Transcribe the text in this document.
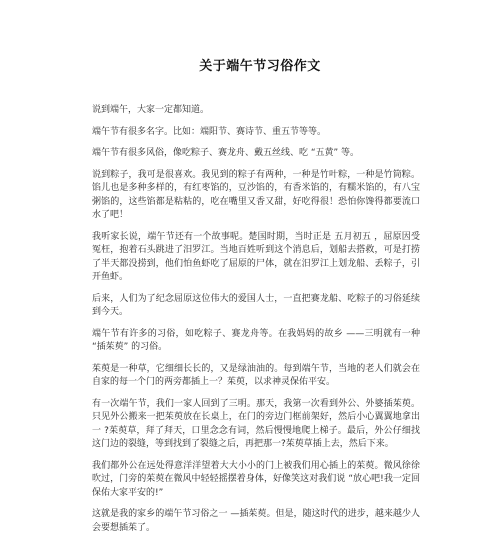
关于端午节习俗作文

说到端午，大家一定都知道。

端午节有很多名字。比如：端阳节、赛诗节、重五节等等。

端午节有很多风俗，像吃粽子、赛龙舟、戴五丝线、吃 “五黄” 等。

说到粽子，我可是很喜欢。我见到的粽子有两种，一种是竹叶粽，一种是竹筒粽。馅儿也是多种多样的，有红枣馅的，豆沙馅的，有香米馅的，有糯米馅的，有八宝粥馅的，这些馅都是粘粘的，吃在嘴里又香又甜，好吃得很！恐怕你馋得都要流口水了吧！

我听家长说，端午节还有一个故事呢。楚国时期，当时正是 五月初五 ，屈原因受冤枉，抱着石头跳进了汨罗江。当地百姓听到这个消息后，划船去搭救，可是打捞了半天都没捞到，他们怕鱼虾吃了屈原的尸体，就在汨罗江上划龙船、丢粽子，引开鱼虾。

后来，人们为了纪念屈原这位伟大的爱国人士，一直把赛龙船、吃粽子的习俗延续到今天。

端午节有许多的习俗，如吃粽子、赛龙舟等。在我妈妈的故乡 ——三明就有一种 “插茱萸” 的习俗。

茱萸是一种草，它细细长长的，又是绿油油的。每到端午节，当地的老人们就会在自家的每一个门的两旁都插上一？茱萸，以求神灵保佑平安。

有一次端午节，我们一家人回到了三明。那天，我第一次看到外公、外婆插茱萸。只见外公搬来一把茱萸放在长桌上，在门的旁边门框前架好，然后小心翼翼地拿出一 ?茱萸草，拜了拜天，口里念念有词，然后慢慢地爬上梯子。最后，外公仔细找这门边的裂缝，等到找到了裂缝之后，再把那一?茱萸草插上去，然后下来。

我们都外公在远处得意洋洋望着大大小小的门上被我们用心插上的茱萸。微风徐徐吹过，门旁的茱萸在微风中轻轻摇摆着身体，好像笑这对我们说 “放心吧!我一定回保佑大家平安的!”

这就是我的家乡的端午节习俗之一 —插茱萸。但是，随这时代的进步，越来越少人会要想插茱了。
